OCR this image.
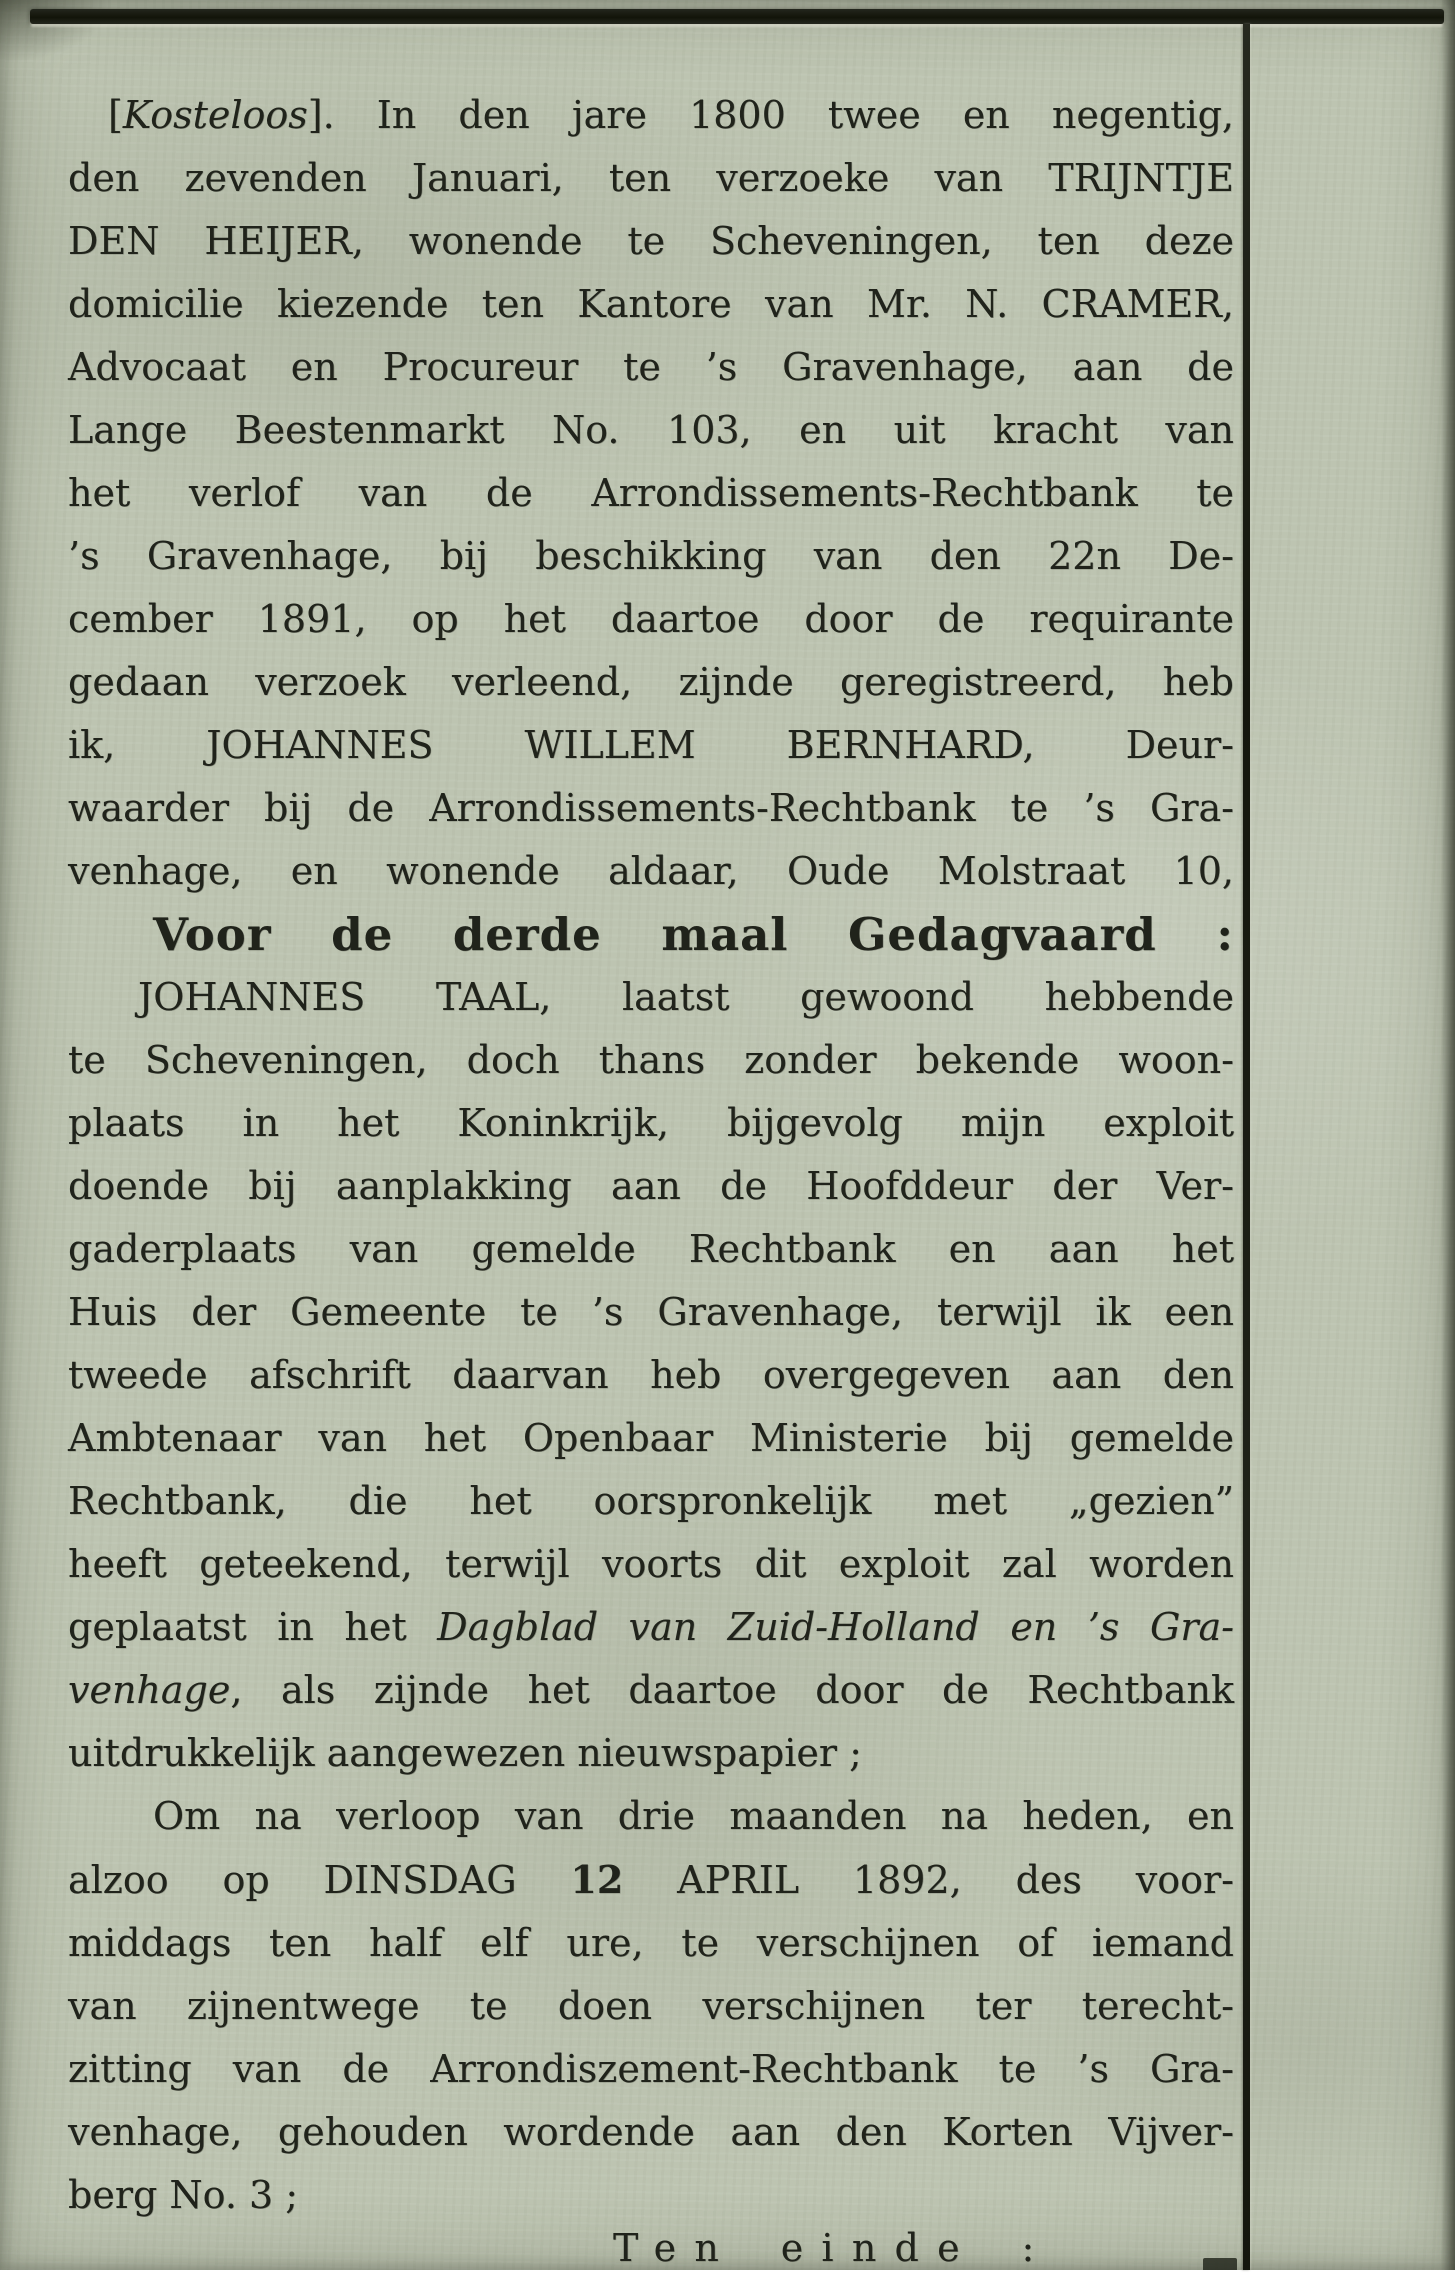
[Kosteloos]. In den jare 1800 twee en negentig,
den zevenden Januari, ten verzoeke van TRIJNTJE
DEN HEIJER, wonende te Scheveningen, ten deze
domicilie kiezende ten Kantore van Mr. N. CRAMER,
Advocaat en Procureur te ’s Gravenhage, aan de
Lange Beestenmarkt No. 103, en uit kracht van
het verlof van de Arrondissements-Rechtbank te
’s Gravenhage, bij beschikking van den 22n De-
cember 1891, op het daartoe door de requirante
gedaan verzoek verleend, zijnde geregistreerd, heb
ik, JOHANNES WILLEM BERNHARD, Deur-
waarder bij de Arrondissements-Rechtbank te ’s Gra-
venhage, en wonende aldaar, Oude Molstraat 10,
Voor de derde maal Gedagvaard :
JOHANNES TAAL, laatst gewoond hebbende
te Scheveningen, doch thans zonder bekende woon-
plaats in het Koninkrijk, bijgevolg mijn exploit
doende bij aanplakking aan de Hoofddeur der Ver-
gaderplaats van gemelde Rechtbank en aan het
Huis der Gemeente te ’s Gravenhage, terwijl ik een
tweede afschrift daarvan heb overgegeven aan den
Ambtenaar van het Openbaar Ministerie bij gemelde
Rechtbank, die het oorspronkelijk met „gezien”
heeft geteekend, terwijl voorts dit exploit zal worden
geplaatst in het Dagblad van Zuid-Holland en ’s Gra-
venhage, als zijnde het daartoe door de Rechtbank
uitdrukkelijk aangewezen nieuwspapier ;
Om na verloop van drie maanden na heden, en
alzoo op DINSDAG 12 APRIL 1892, des voor-
middags ten half elf ure, te verschijnen of iemand
van zijnentwege te doen verschijnen ter terecht-
zitting van de Arrondiszement-Rechtbank te ’s Gra-
venhage, gehouden wordende aan den Korten Vijver-
berg No. 3 ;
Ten einde :
